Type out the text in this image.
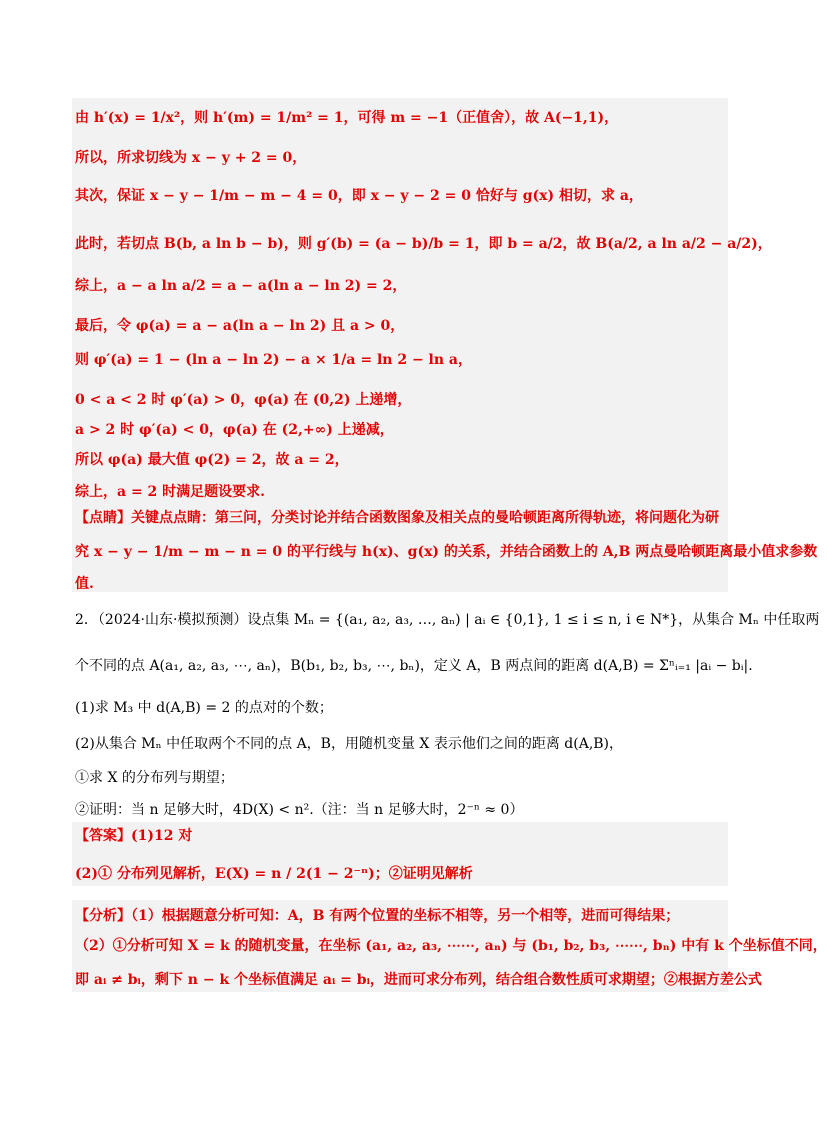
由 h′(x) = 1/x²，则 h′(m) = 1/m² = 1，可得 m = −1（正值舍），故 A(−1,1)，
所以，所求切线为 x − y + 2 = 0，
其次，保证 x − y − 1/m − m − 4 = 0，即 x − y − 2 = 0 恰好与 g(x) 相切，求 a，
此时，若切点 B(b, a ln b − b)，则 g′(b) = (a − b)/b = 1，即 b = a/2，故 B(a/2, a ln a/2 − a/2)，
综上，a − a ln a/2 = a − a(ln a − ln 2) = 2，
最后，令 φ(a) = a − a(ln a − ln 2) 且 a > 0，
则 φ′(a) = 1 − (ln a − ln 2) − a × 1/a = ln 2 − ln a，
0 < a < 2 时 φ′(a) > 0，φ(a) 在 (0,2) 上递增，
a > 2 时 φ′(a) < 0，φ(a) 在 (2,+∞) 上递减，
所以 φ(a) 最大值 φ(2) = 2，故 a = 2，
综上，a = 2 时满足题设要求.
【点睛】关键点点睛：第三问，分类讨论并结合函数图象及相关点的曼哈顿距离所得轨迹，将问题化为研
究 x − y − 1/m − m − n = 0 的平行线与 h(x)、g(x) 的关系，并结合函数上的 A,B 两点曼哈顿距离最小值求参数
值.
2．（2024·山东·模拟预测）设点集 Mₙ = {(a₁, a₂, a₃, …, aₙ) | aᵢ ∈ {0,1}, 1 ≤ i ≤ n, i ∈ N*}，从集合 Mₙ 中任取两
个不同的点 A(a₁, a₂, a₃, ⋯, aₙ)，B(b₁, b₂, b₃, ⋯, bₙ)，定义 A，B 两点间的距离 d(A,B) = Σⁿᵢ₌₁ |aᵢ − bᵢ|.
(1)求 M₃ 中 d(A,B) = 2 的点对的个数；
(2)从集合 Mₙ 中任取两个不同的点 A，B，用随机变量 X 表示他们之间的距离 d(A,B)，
①求 X 的分布列与期望；
②证明：当 n 足够大时，4D(X) < n².（注：当 n 足够大时，2⁻ⁿ ≈ 0）
【答案】(1)12 对
(2)① 分布列见解析，E(X) = n / 2(1 − 2⁻ⁿ)；②证明见解析
【分析】（1）根据题意分析可知：A，B 有两个位置的坐标不相等，另一个相等，进而可得结果；
（2）①分析可知 X = k 的随机变量，在坐标 (a₁, a₂, a₃, ⋯⋯, aₙ) 与 (b₁, b₂, b₃, ⋯⋯, bₙ) 中有 k 个坐标值不同，
即 aᵢ ≠ bᵢ，剩下 n − k 个坐标值满足 aᵢ = bᵢ，进而可求分布列，结合组合数性质可求期望；②根据方差公式
